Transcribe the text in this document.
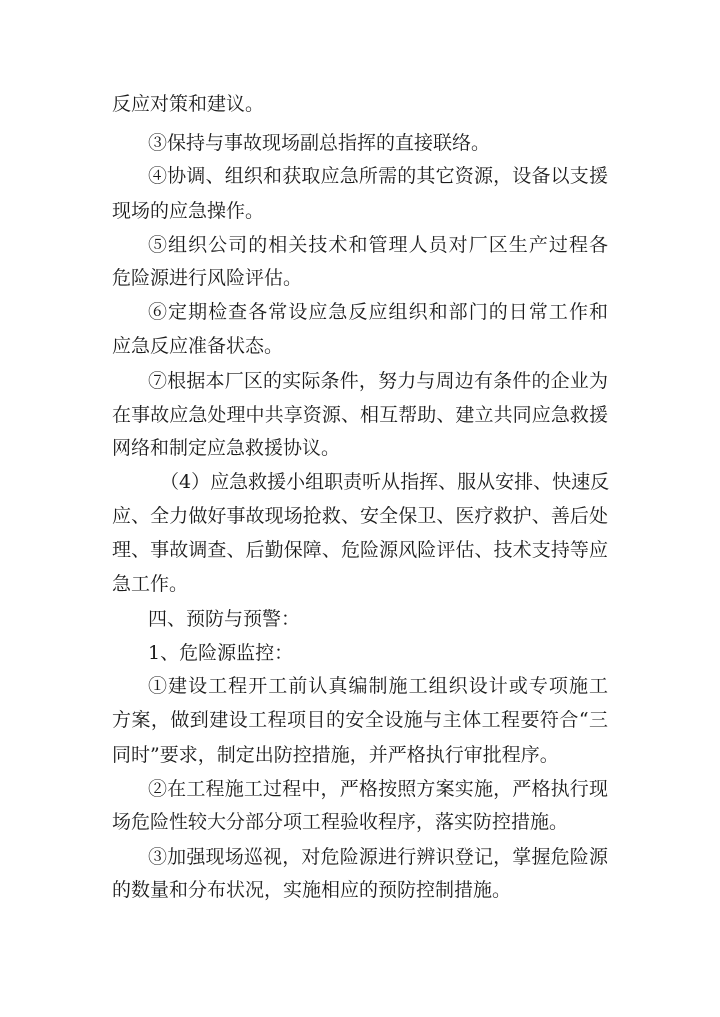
反应对策和建议。
③保持与事故现场副总指挥的直接联络。
④协调、组织和获取应急所需的其它资源，设备以支援
现场的应急操作。
⑤组织公司的相关技术和管理人员对厂区生产过程各
危险源进行风险评估。
⑥定期检查各常设应急反应组织和部门的日常工作和
应急反应准备状态。
⑦根据本厂区的实际条件，努力与周边有条件的企业为
在事故应急处理中共享资源、相互帮助、建立共同应急救援
网络和制定应急救援协议。
（4）应急救援小组职责听从指挥、服从安排、快速反
应、全力做好事故现场抢救、安全保卫、医疗救护、善后处
理、事故调查、后勤保障、危险源风险评估、技术支持等应
急工作。
四、预防与预警：
1、危险源监控：
①建设工程开工前认真编制施工组织设计或专项施工
方案，做到建设工程项目的安全设施与主体工程要符合“三
同时”要求，制定出防控措施，并严格执行审批程序。
②在工程施工过程中，严格按照方案实施，严格执行现
场危险性较大分部分项工程验收程序，落实防控措施。
③加强现场巡视，对危险源进行辨识登记，掌握危险源
的数量和分布状况，实施相应的预防控制措施。
